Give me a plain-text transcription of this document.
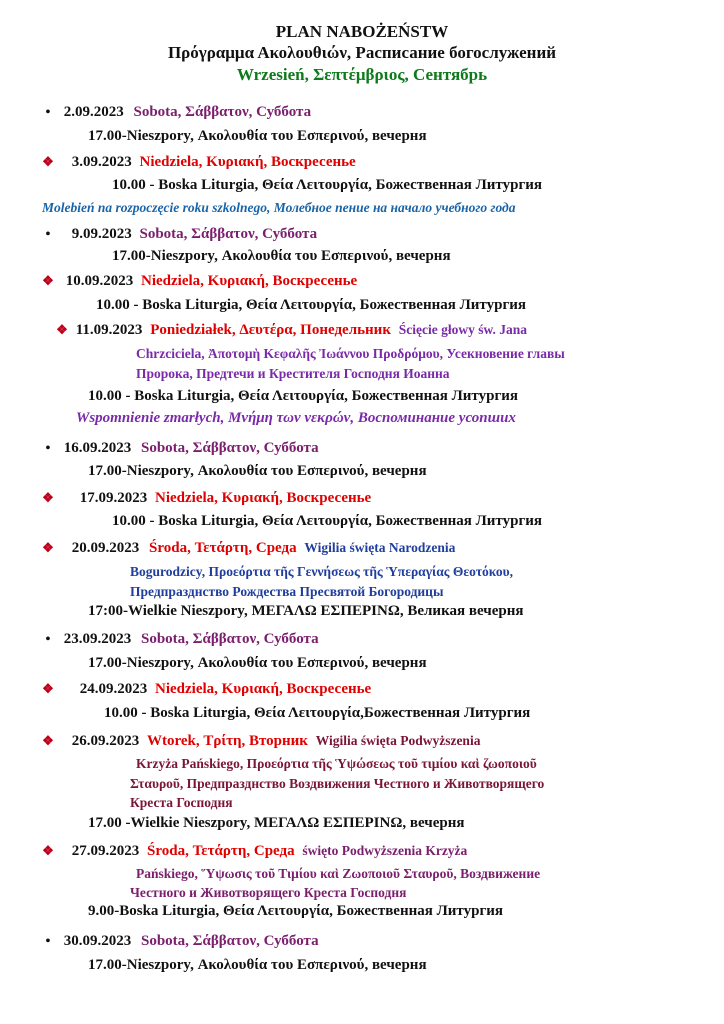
PLAN NABOŻEŃSTW
Πρόγραμμα Ακολουθιών, Расписание богослужений
Wrzesień, Σεπτέμβριος, Сентябрь
• 2.09.2023 Sobota, Σάββατον, Суббота
17.00-Nieszpory, Ακολουθία του Εσπερινού, вечерня
❖ 3.09.2023 Niedziela, Κυριακή, Воскресенье
10.00 - Boska Liturgia, Θεία Λειτουργία, Божественная Литургия
Molebień na rozpoczęcie roku szkolnego, Молебное пение на начало учебного года
• 9.09.2023 Sobota, Σάββατον, Суббота
17.00-Nieszpory, Ακολουθία του Εσπερινού, вечерня
❖ 10.09.2023 Niedziela, Κυριακή, Воскресенье
10.00 - Boska Liturgia, Θεία Λειτουργία, Божественная Литургия
❖ 11.09.2023 Poniedziałek, Δευτέρα, Понедельник Ścięcie głowy św. Jana
Chrzciciela, Ἀποτομὴ Κεφαλῆς Ἰωάννου Προδρόμου, Усекновение главы
Пророка, Предтечи и Крестителя Господня Иоанна
10.00 - Boska Liturgia, Θεία Λειτουργία, Божественная Литургия
Wspomnienie zmarłych, Μνήμη των νεκρών, Воспоминание усопших
• 16.09.2023 Sobota, Σάββατον, Суббота
17.00-Nieszpory, Ακολουθία του Εσπερινού, вечерня
❖ 17.09.2023 Niedziela, Κυριακή, Воскресенье
10.00 - Boska Liturgia, Θεία Λειτουργία, Божественная Литургия
❖ 20.09.2023 Środa, Τετάρτη, Среда Wigilia święta Narodzenia
Bogurodzicy, Προεόρτια τῆς Γεννήσεως τῆς Ὑπεραγίας Θεοτόκου,
Предпразднство Рождества Пресвятой Богородицы
17:00-Wielkie Nieszpory, ΜΕΓΑΛΩ ΕΣΠΕΡΙΝΩ, Великая вечерня
• 23.09.2023 Sobota, Σάββατον, Суббота
17.00-Nieszpory, Ακολουθία του Εσπερινού, вечерня
❖ 24.09.2023 Niedziela, Κυριακή, Воскресенье
10.00 - Boska Liturgia, Θεία Λειτουργία,Божественная Литургия
❖ 26.09.2023 Wtorek, Τρίτη, Вторник Wigilia święta Podwyższenia
Krzyża Pańskiego, Προεόρτια τῆς Ὑψώσεως τοῦ τιμίου καὶ ζωοποιοῦ
Σταυροῦ, Предпразднство Воздвижения Честного и Животворящего
Креста Господня
17.00 -Wielkie Nieszpory, ΜΕΓΑΛΩ ΕΣΠΕΡΙΝΩ, вечерня
❖ 27.09.2023 Środa, Τετάρτη, Среда święto Podwyższenia Krzyża
Pańskiego, Ὕψωσις τοῦ Τιμίου καὶ Ζωοποιοῦ Σταυροῦ, Воздвижение
Честного и Животворящего Креста Господня
9.00-Boska Liturgia, Θεία Λειτουργία, Божественная Литургия
• 30.09.2023 Sobota, Σάββατον, Суббота
17.00-Nieszpory, Ακολουθία του Εσπερινού, вечерня
